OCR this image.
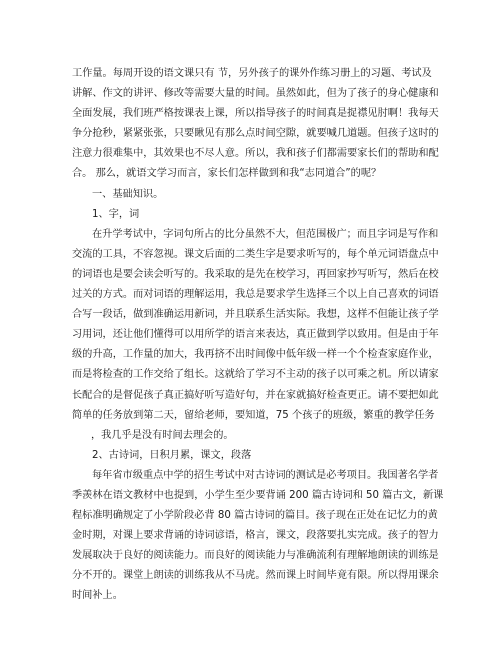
工作量。每周开设的语文课只有 节，另外孩子的课外作练习册上的习题、考试及
讲解、作文的讲评、修改等需要大量的时间。虽然如此，但为了孩子的身心健康和
全面发展，我们班严格按课表上课，所以指导孩子的时间真是捉襟见肘啊！我每天
争分抢秒，紧紧张张，只要瞅见有那么点时间空隙，就要喊几道题。但孩子这时的
注意力很难集中，其效果也不尽人意。所以，我和孩子们都需要家长们的帮助和配
合。 那么，就语文学习而言，家长们怎样做到和我“志同道合”的呢？
一、基础知识。
1、字，词
在升学考试中，字词句所占的比分虽然不大，但范围极广；而且字词是写作和
交流的工具，不容忽视。课文后面的二类生字是要求听写的，每个单元词语盘点中
的词语也是要会读会听写的。我采取的是先在校学习，再回家抄写听写，然后在校
过关的方式。而对词语的理解运用，我总是要求学生选择三个以上自己喜欢的词语
合写一段话，做到准确运用新词，并且联系生活实际。我想，这样不但能让孩子学
习用词，还让他们懂得可以用所学的语言来表达，真正做到学以致用。但是由于年
级的升高，工作量的加大，我再挤不出时间像中低年级一样一个个检查家庭作业，
而是将检查的工作交给了组长。这就给了学习不主动的孩子以可乘之机。所以请家
长配合的是督促孩子真正搞好听写造好句，并在家就搞好检查更正。请不要把如此
简单的任务放到第二天，留给老师，要知道，75 个孩子的班级，繁重的教学任务
，我几乎是没有时间去理会的。
2、古诗词，日积月累，课文，段落
每年省市级重点中学的招生考试中对古诗词的测试是必考项目。我国著名学者
季羡林在语文教材中也提到，小学生至少要背诵 200 篇古诗词和 50 篇古文，新课
程标准明确规定了小学阶段必背 80 篇古诗词的篇目。孩子现在正处在记忆力的黄
金时期，对课上要求背诵的诗词谚语，格言，课文，段落要扎实完成。孩子的智力
发展取决于良好的阅读能力。而良好的阅读能力与准确流利有理解地朗读的训练是
分不开的。课堂上朗读的训练我从不马虎。然而课上时间毕竟有限。所以得用课余
时间补上。
